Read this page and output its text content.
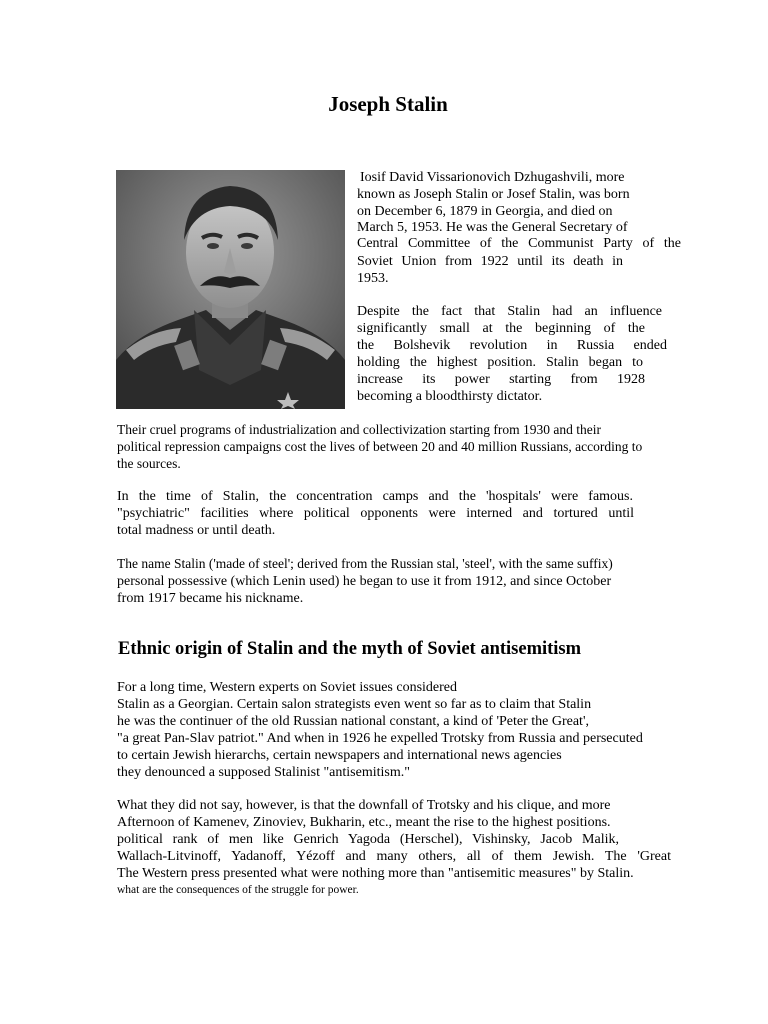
Joseph Stalin

Iosif David Vissarionovich Dzhugashvili, more

known as Joseph Stalin or Josef Stalin, was born

on December 6, 1879 in Georgia, and died on

March 5, 1953. He was the General Secretary of

Central Committee of the Communist Party of the

Soviet Union from 1922 until its death in

1953.

Despite the fact that Stalin had an influence

significantly small at the beginning of the

the Bolshevik revolution in Russia ended

holding the highest position. Stalin began to

increase its power starting from 1928

becoming a bloodthirsty dictator.

Their cruel programs of industrialization and collectivization starting from 1930 and their

political repression campaigns cost the lives of between 20 and 40 million Russians, according to

the sources.

In the time of Stalin, the concentration camps and the 'hospitals' were famous.

"psychiatric" facilities where political opponents were interned and tortured until

total madness or until death.

The name Stalin ('made of steel'; derived from the Russian stal, 'steel', with the same suffix)

personal possessive (which Lenin used) he began to use it from 1912, and since October

from 1917 became his nickname.

Ethnic origin of Stalin and the myth of Soviet antisemitism

For a long time, Western experts on Soviet issues considered

Stalin as a Georgian. Certain salon strategists even went so far as to claim that Stalin

he was the continuer of the old Russian national constant, a kind of 'Peter the Great',

"a great Pan-Slav patriot." And when in 1926 he expelled Trotsky from Russia and persecuted

to certain Jewish hierarchs, certain newspapers and international news agencies

they denounced a supposed Stalinist "antisemitism."

What they did not say, however, is that the downfall of Trotsky and his clique, and more

Afternoon of Kamenev, Zinoviev, Bukharin, etc., meant the rise to the highest positions.

political rank of men like Genrich Yagoda (Herschel), Vishinsky, Jacob Malik,

Wallach-Litvinoff, Yadanoff, Yézoff and many others, all of them Jewish. The 'Great

The Western press presented what were nothing more than "antisemitic measures" by Stalin.

what are the consequences of the struggle for power.
